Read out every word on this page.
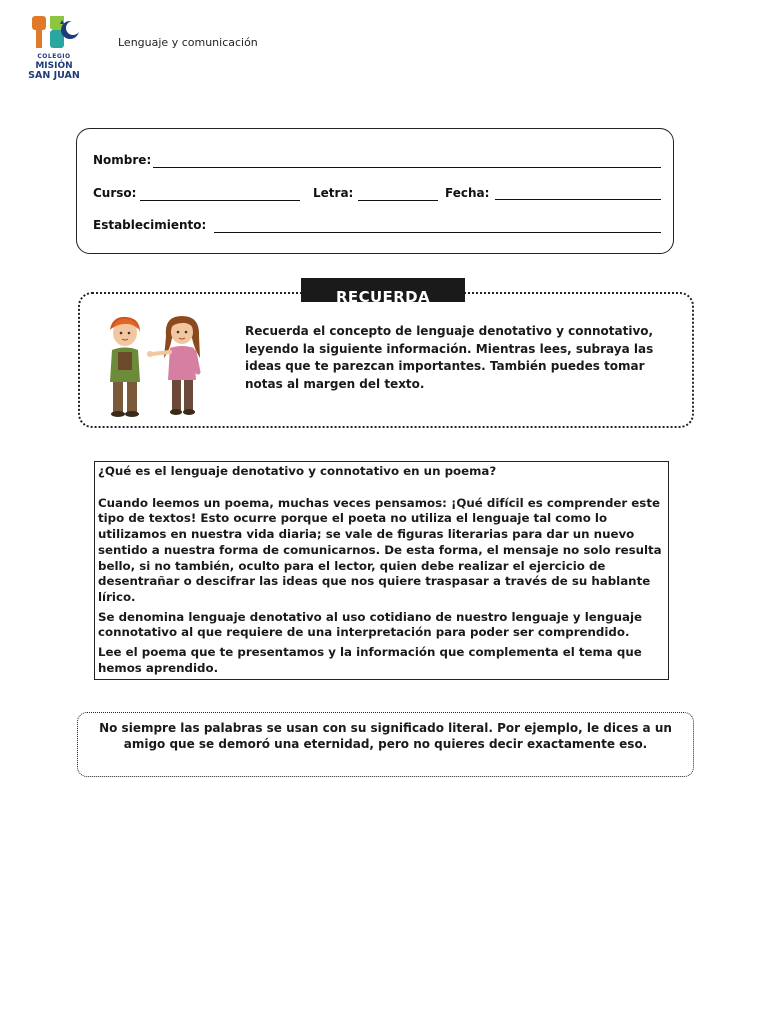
COLEGIO
MISIÓN
SAN JUAN
Lenguaje y comunicación
Nombre:
Curso:	Letra:	Fecha:
Establecimiento:
RECUERDA
Recuerda el concepto de lenguaje denotativo y connotativo, leyendo la siguiente información. Mientras lees, subraya las ideas que te parezcan importantes. También puedes tomar notas al margen del texto.

¿Qué es el lenguaje denotativo y connotativo en un poema?

Cuando leemos un poema, muchas veces pensamos: ¡Qué difícil es comprender este tipo de textos! Esto ocurre porque el poeta no utiliza el lenguaje tal como lo utilizamos en nuestra vida diaria; se vale de figuras literarias para dar un nuevo sentido a nuestra forma de comunicarnos. De esta forma, el mensaje no solo resulta bello, si no también, oculto para el lector, quien debe realizar el ejercicio de desentrañar o descifrar las ideas que nos quiere traspasar a través de su hablante lírico.

Se denomina lenguaje denotativo al uso cotidiano de nuestro lenguaje y lenguaje connotativo al que requiere de una interpretación para poder ser comprendido.

Lee el poema que te presentamos y la información que complementa el tema que hemos aprendido.

No siempre las palabras se usan con su significado literal. Por ejemplo, le dices a un amigo que se demoró una eternidad, pero no quieres decir exactamente eso.
